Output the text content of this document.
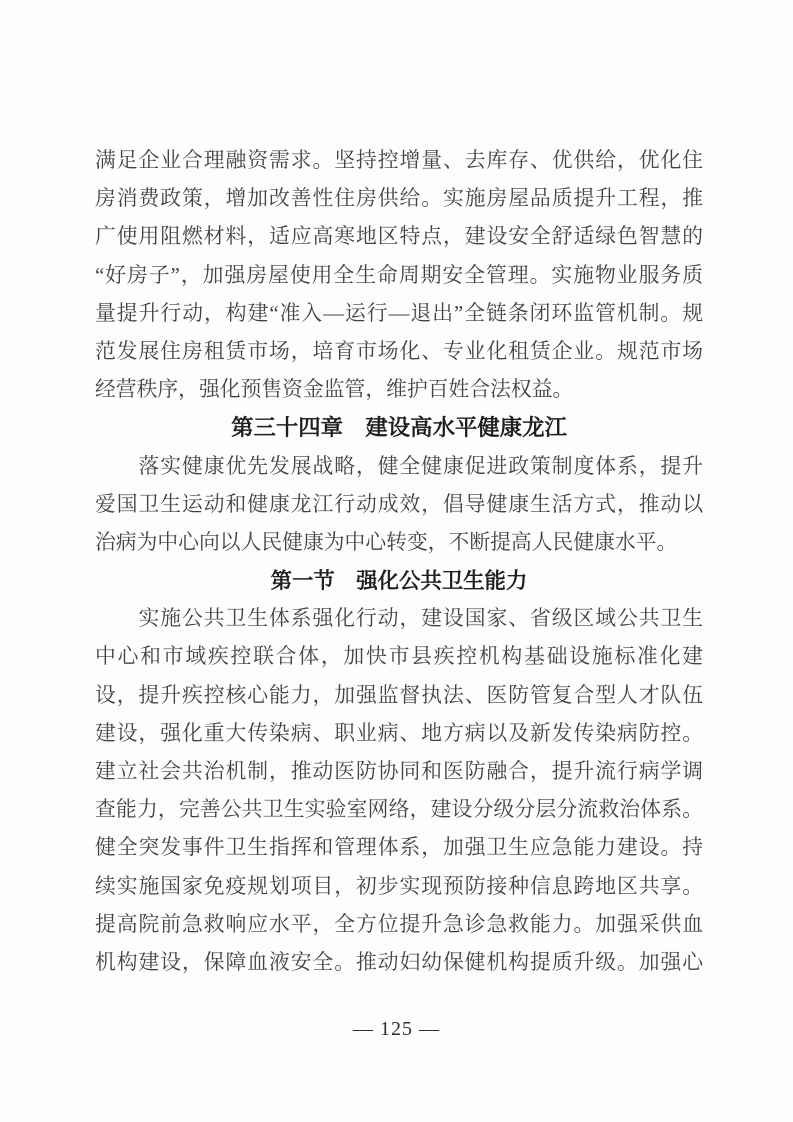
满足企业合理融资需求。坚持控增量、去库存、优供给，优化住
房消费政策，增加改善性住房供给。实施房屋品质提升工程，推
广使用阻燃材料，适应高寒地区特点，建设安全舒适绿色智慧的
“好房子”，加强房屋使用全生命周期安全管理。实施物业服务质
量提升行动，构建“准入—运行—退出”全链条闭环监管机制。规
范发展住房租赁市场，培育市场化、专业化租赁企业。规范市场
经营秩序，强化预售资金监管，维护百姓合法权益。
第三十四章　建设高水平健康龙江
　　落实健康优先发展战略，健全健康促进政策制度体系，提升
爱国卫生运动和健康龙江行动成效，倡导健康生活方式，推动以
治病为中心向以人民健康为中心转变，不断提高人民健康水平。
第一节　强化公共卫生能力
　　实施公共卫生体系强化行动，建设国家、省级区域公共卫生
中心和市域疾控联合体，加快市县疾控机构基础设施标准化建
设，提升疾控核心能力，加强监督执法、医防管复合型人才队伍
建设，强化重大传染病、职业病、地方病以及新发传染病防控。
建立社会共治机制，推动医防协同和医防融合，提升流行病学调
查能力，完善公共卫生实验室网络，建设分级分层分流救治体系。
健全突发事件卫生指挥和管理体系，加强卫生应急能力建设。持
续实施国家免疫规划项目，初步实现预防接种信息跨地区共享。
提高院前急救响应水平，全方位提升急诊急救能力。加强采供血
机构建设，保障血液安全。推动妇幼保健机构提质升级。加强心
— 125 —
